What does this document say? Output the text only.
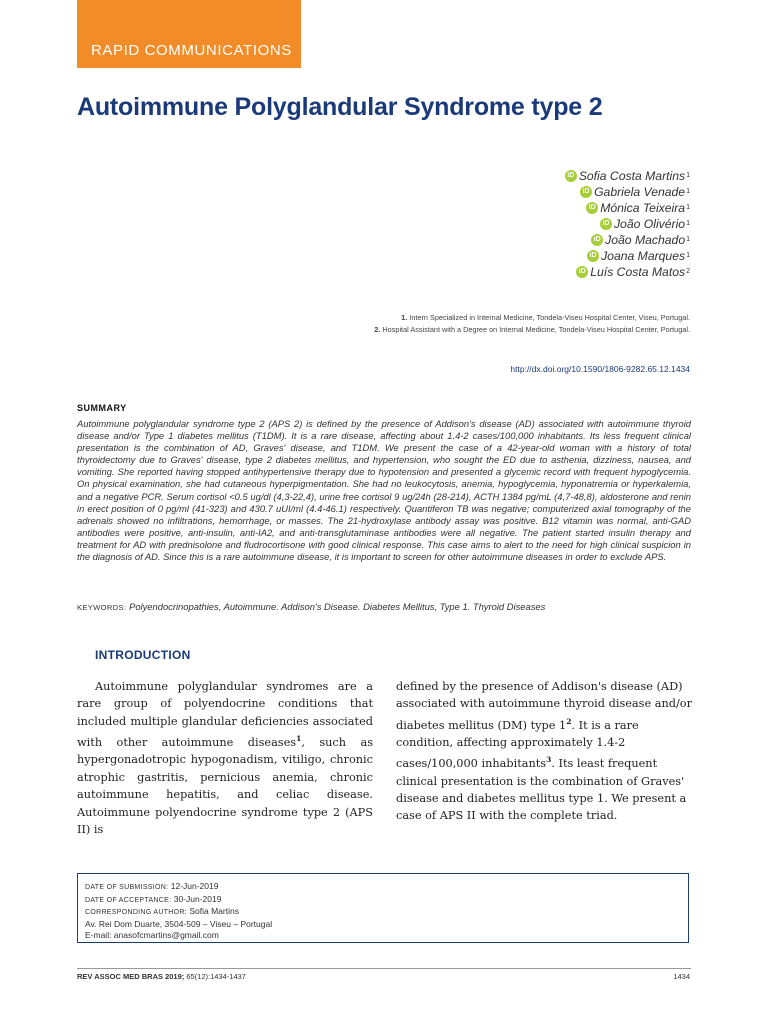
RAPID COMMUNICATIONS
Autoimmune Polyglandular Syndrome type 2
iD Sofia Costa Martins 1
iD Gabriela Venade 1
iD Mónica Teixeira 1
iD João Olivério 1
iD João Machado 1
iD Joana Marques 1
iD Luís Costa Matos 2
1. Intern Specialized in Internal Medicine, Tondela-Viseu Hospital Center, Viseu, Portugal.
2. Hospital Assistant with a Degree on Internal Medicine, Tondela-Viseu Hospital Center, Portugal.
http://dx.doi.org/10.1590/1806-9282.65.12.1434
SUMMARY

Autoimmune polyglandular syndrome type 2 (APS 2) is defined by the presence of Addison's disease (AD) associated with autoimmune thyroid disease and/or Type 1 diabetes mellitus (T1DM). It is a rare disease, affecting about 1.4-2 cases/100,000 inhabitants. Its less frequent clinical presentation is the combination of AD, Graves' disease, and T1DM. We present the case of a 42-year-old woman with a history of total thyroidectomy due to Graves' disease, type 2 diabetes mellitus, and hypertension, who sought the ED due to asthenia, dizziness, nausea, and vomiting. She reported having stopped antihypertensive therapy due to hypotension and presented a glycemic record with frequent hypoglycemia. On physical examination, she had cutaneous hyperpigmentation. She had no leukocytosis, anemia, hypoglycemia, hyponatremia or hyperkalemia, and a negative PCR. Serum cortisol <0.5 ug/dl (4,3-22,4), urine free cortisol 9 ug/24h (28-214), ACTH 1384 pg/mL (4,7-48,8), aldosterone and renin in erect position of 0 pg/ml (41-323) and 430.7 uUI/ml (4.4-46.1) respectively. Quantiferon TB was negative; computerized axial tomography of the adrenals showed no infiltrations, hemorrhage, or masses. The 21-hydroxylase antibody assay was positive. B12 vitamin was normal, anti-GAD antibodies were positive, anti-insulin, anti-IA2, and anti-transglutaminase antibodies were all negative. The patient started insulin therapy and treatment for AD with prednisolone and fludrocortisone with good clinical response. This case aims to alert to the need for high clinical suspicion in the diagnosis of AD. Since this is a rare autoimmune disease, it is important to screen for other autoimmune diseases in order to exclude APS.

KEYWORDS: Polyendocrinopathies, Autoimmune. Addison's Disease. Diabetes Mellitus, Type 1. Thyroid Diseases

INTRODUCTION

Autoimmune polyglandular syndromes are a rare group of polyendocrine conditions that included multiple glandular deficiencies associated with other autoimmune diseases$^1$, such as hypergonadotropic hypogonadism, vitiligo, chronic atrophic gastritis, pernicious anemia, chronic autoimmune hepatitis, and celiac disease. Autoimmune polyendocrine syndrome type 2 (APS II) is

defined by the presence of Addison's disease (AD) associated with autoimmune thyroid disease and/or diabetes mellitus (DM) type $1^2$. It is a rare condition, affecting approximately 1.4-2 cases/100,000 inhabitants$^3$. Its least frequent clinical presentation is the combination of Graves' disease and diabetes mellitus type 1. We present a case of APS II with the complete triad.

DATE OF SUBMISSION: 12-Jun-2019
DATE OF ACCEPTANCE: 30-Jun-2019
CORRESPONDING AUTHOR: Sofia Martins
Av. Rei Dom Duarte, 3504-509 – Viseu – Portugal
E-mail: anasofcmartins@gmail.com
REV ASSOC MED BRAS 2019; 65(12):1434-1437	1434
